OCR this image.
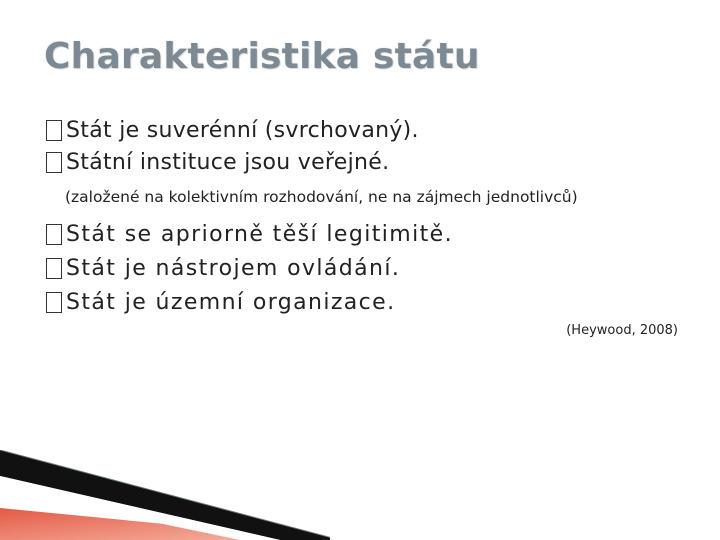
Charakteristika státu
Stát je suverénní (svrchovaný).
Státní instituce jsou veřejné.
(založené na kolektivním rozhodování, ne na zájmech jednotlivců)
Stát se apriorně těší legitimitě.
Stát je nástrojem ovládání.
Stát je územní organizace.
(Heywood, 2008)
